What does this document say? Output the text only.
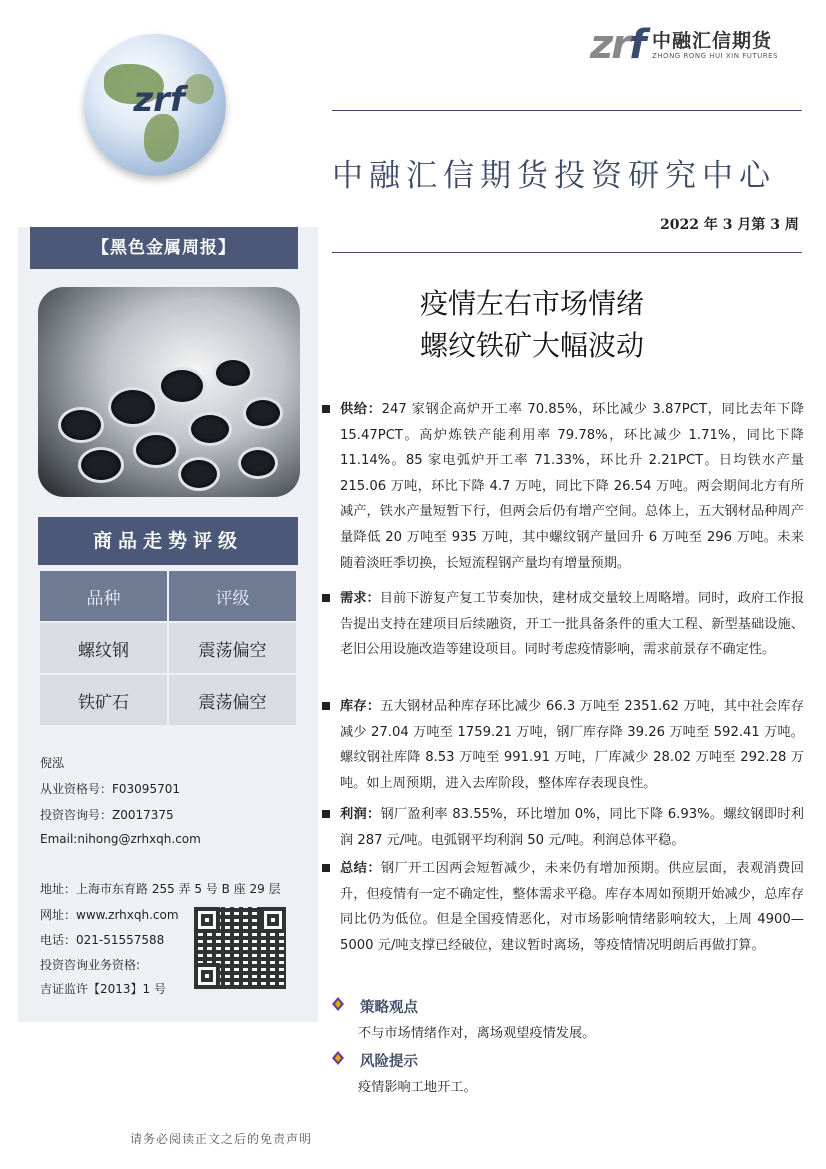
zrf
zrf 中融汇信期货
ZHONG RONG HUI XIN FUTURES
中融汇信期货投资研究中心
2022 年 3 月第 3 周
疫情左右市场情绪
螺纹铁矿大幅波动
【黑色金属周报】
商品走势评级
品种	评级
螺纹钢	震荡偏空
铁矿石	震荡偏空
倪泓
从业资格号：F03095701
投资咨询号：Z0017375
Email:nihong@zrhxqh.com
地址：上海市东育路 255 弄 5 号 B 座 29 层
网址：www.zrhxqh.com
电话：021-51557588
投资咨询业务资格:
吉证监许【2013】1 号
供给：247 家钢企高炉开工率 70.85%，环比减少 3.87PCT，同比去年下降 15.47PCT。高炉炼铁产能利用率 79.78%，环比减少 1.71%，同比下降 11.14%。85 家电弧炉开工率 71.33%，环比升 2.21PCT。日均铁水产量 215.06 万吨，环比下降 4.7 万吨，同比下降 26.54 万吨。两会期间北方有所减产，铁水产量短暂下行，但两会后仍有增产空间。总体上，五大钢材品种周产量降低 20 万吨至 935 万吨，其中螺纹钢产量回升 6 万吨至 296 万吨。未来随着淡旺季切换，长短流程钢产量均有增量预期。
需求：目前下游复产复工节奏加快，建材成交量较上周略增。同时，政府工作报告提出支持在建项目后续融资，开工一批具备条件的重大工程、新型基础设施、老旧公用设施改造等建设项目。同时考虑疫情影响，需求前景存不确定性。
库存：五大钢材品种库存环比减少 66.3 万吨至 2351.62 万吨，其中社会库存减少 27.04 万吨至 1759.21 万吨，钢厂库存降 39.26 万吨至 592.41 万吨。螺纹钢社库降 8.53 万吨至 991.91 万吨，厂库减少 28.02 万吨至 292.28 万吨。如上周预期，进入去库阶段，整体库存表现良性。
利润：钢厂盈利率 83.55%，环比增加 0%，同比下降 6.93%。螺纹钢即时利润 287 元/吨。电弧钢平均利润 50 元/吨。利润总体平稳。
总结：钢厂开工因两会短暂减少，未来仍有增加预期。供应层面，表观消费回升，但疫情有一定不确定性，整体需求平稳。库存本周如预期开始减少，总库存同比仍为低位。但是全国疫情恶化，对市场影响情绪影响较大，上周 4900—5000 元/吨支撑已经破位，建议暂时离场，等疫情情况明朗后再做打算。
策略观点
不与市场情绪作对，离场观望疫情发展。
风险提示
疫情影响工地开工。
请务必阅读正文之后的免责声明
